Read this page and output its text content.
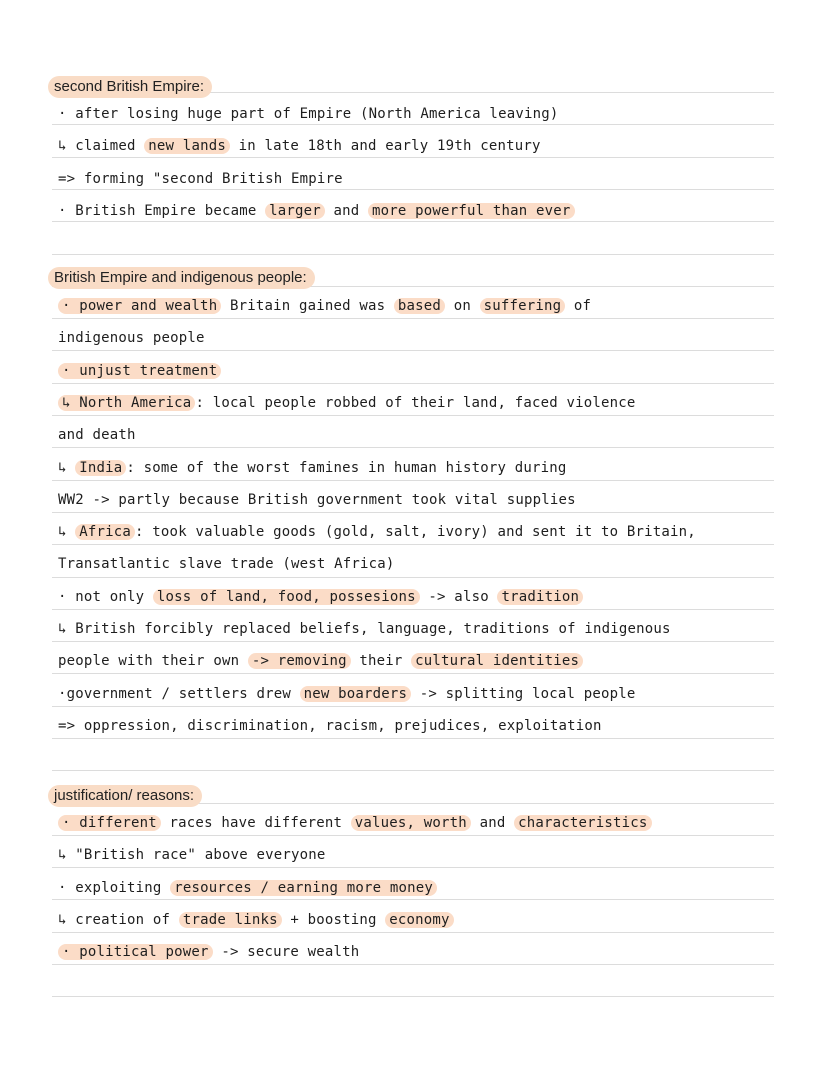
second British Empire:
· after losing huge part of Empire (North America leaving)
↳ claimed new lands in late 18th and early 19th century
=> forming "second British Empire
· British Empire became larger and more powerful than ever
British Empire and indigenous people:
· power and wealth Britain gained was based on suffering of
indigenous people
· unjust treatment
↳ North America : local people robbed of their land, faced violence
and death
↳ India : some of the worst famines in human history during
WW2 -> partly because British government took vital supplies
↳ Africa : took valuable goods (gold, salt, ivory) and sent it to Britain,
Transatlantic slave trade (west Africa)
· not only loss of land, food, possesions -> also tradition
↳ British forcibly replaced beliefs, language, traditions of indigenous
people with their own -> removing their cultural identities
·government / settlers drew new boarders -> splitting local people
=> oppression, discrimination, racism, prejudices, exploitation
justification/ reasons:
· different races have different values, worth and characteristics
↳ "British race" above everyone
· exploiting resources / earning more money
↳ creation of trade links + boosting economy
· political power -> secure wealth
